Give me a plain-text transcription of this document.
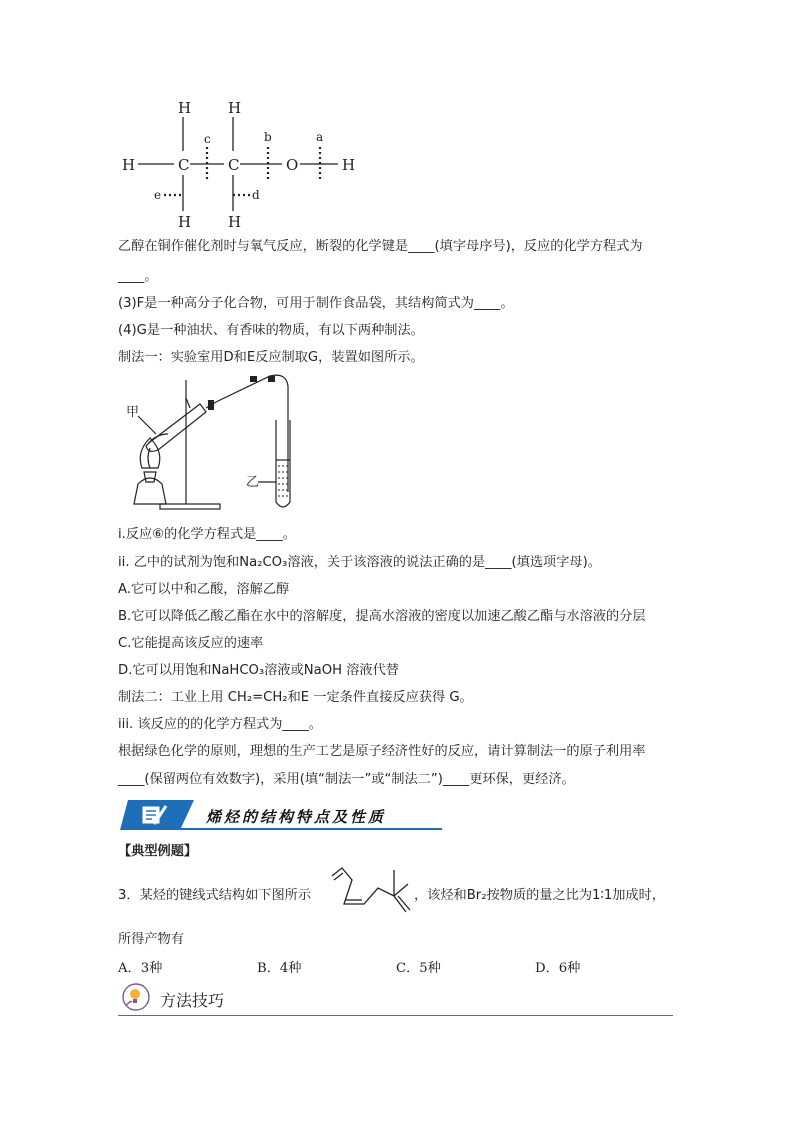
H H
H	C	C	O	H
H H
a
b
c
d
e
乙醇在铜作催化剂时与氧气反应，断裂的化学键是____(填字母序号)，反应的化学方程式为
____。
(3)F是一种高分子化合物，可用于制作食品袋，其结构简式为____。
(4)G是一种油状、有香味的物质，有以下两种制法。
制法一：实验室用D和E反应制取G，装置如图所示。
甲
乙
i.反应⑥的化学方程式是____。
ii. 乙中的试剂为饱和Na₂CO₃溶液，关于该溶液的说法正确的是____(填选项字母)。
A.它可以中和乙酸，溶解乙醇
B.它可以降低乙酸乙酯在水中的溶解度，提高水溶液的密度以加速乙酸乙酯与水溶液的分层
C.它能提高该反应的速率
D.它可以用饱和NaHCO₃溶液或NaOH 溶液代替
制法二：工业上用 CH₂=CH₂和E 一定条件直接反应获得 G。
iii. 该反应的的化学方程式为____。
根据绿色化学的原则，理想的生产工艺是原子经济性好的反应，请计算制法一的原子利用率
____(保留两位有效数字)，采用(填“制法一”或“制法二”)____更环保，更经济。
烯烃的结构特点及性质
【典型例题】
3．某烃的键线式结构如下图所示	，该烃和Br₂按物质的量之比为1∶1加成时，
所得产物有
A．3种	B．4种	C．5种	D．6种
方法技巧
